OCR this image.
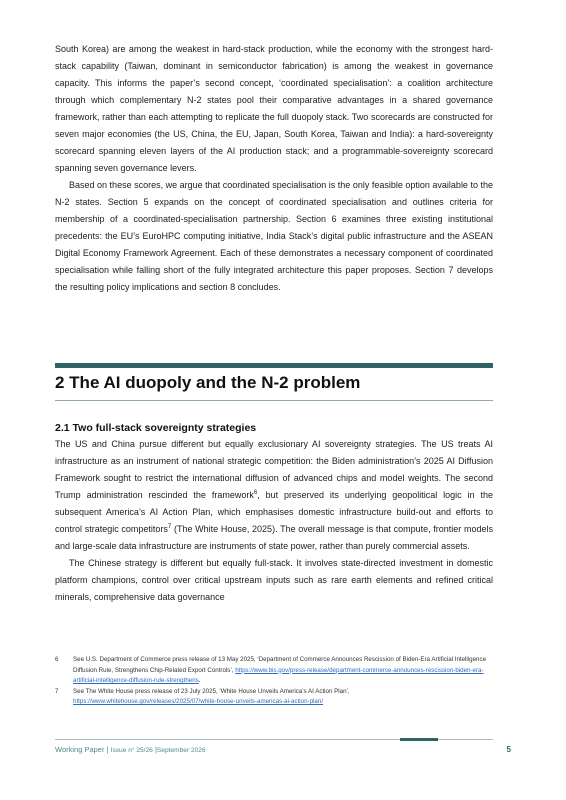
South Korea) are among the weakest in hard-stack production, while the economy with the strongest hard-stack capability (Taiwan, dominant in semiconductor fabrication) is among the weakest in governance capacity. This informs the paper’s second concept, ‘coordinated specialisation’: a coalition architecture through which complementary N-2 states pool their comparative advantages in a shared governance framework, rather than each attempting to replicate the full duopoly stack. Two scorecards are constructed for seven major economies (the US, China, the EU, Japan, South Korea, Taiwan and India): a hard-sovereignty scorecard spanning eleven layers of the AI production stack; and a programmable-sovereignty scorecard spanning seven governance levers.

Based on these scores, we argue that coordinated specialisation is the only feasible option available to the N-2 states. Section 5 expands on the concept of coordinated specialisation and outlines criteria for membership of a coordinated-specialisation partnership. Section 6 examines three existing institutional precedents: the EU’s EuroHPC computing initiative, India Stack’s digital public infrastructure and the ASEAN Digital Economy Framework Agreement. Each of these demonstrates a necessary component of coordinated specialisation while falling short of the fully integrated architecture this paper proposes. Section 7 develops the resulting policy implications and section 8 concludes.

2 The AI duopoly and the N-2 problem
2.1 Two full-stack sovereignty strategies

The US and China pursue different but equally exclusionary AI sovereignty strategies. The US treats AI infrastructure as an instrument of national strategic competition: the Biden administration’s 2025 AI Diffusion Framework sought to restrict the international diffusion of advanced chips and model weights. The second Trump administration rescinded the framework$^6$, but preserved its underlying geopolitical logic in the subsequent America’s AI Action Plan, which emphasises domestic infrastructure build-out and efforts to control strategic competitors$^7$ (The White House, 2025). The overall message is that compute, frontier models and large-scale data infrastructure are instruments of state power, rather than purely commercial assets.

The Chinese strategy is different but equally full-stack. It involves state-directed investment in domestic platform champions, control over critical upstream inputs such as rare earth elements and refined critical minerals, comprehensive data governance

6	See U.S. Department of Commerce press release of 13 May 2025, ‘Department of Commerce Announces Rescission of Biden-Era Artificial Intelligence Diffusion Rule, Strengthens Chip-Related Export Controls’, https://www.bis.gov/press-release/department-commerce-announces-rescission-biden-era-artificial-intelligence-diffusion-rule-strengthens.
7	See The White House press release of 23 July 2025, ‘White House Unveils America’s AI Action Plan’, https://www.whitehouse.gov/releases/2025/07/white-house-unveils-americas-ai-action-plan/
Working Paper | Issue n° 25/26 |September 2026	5
